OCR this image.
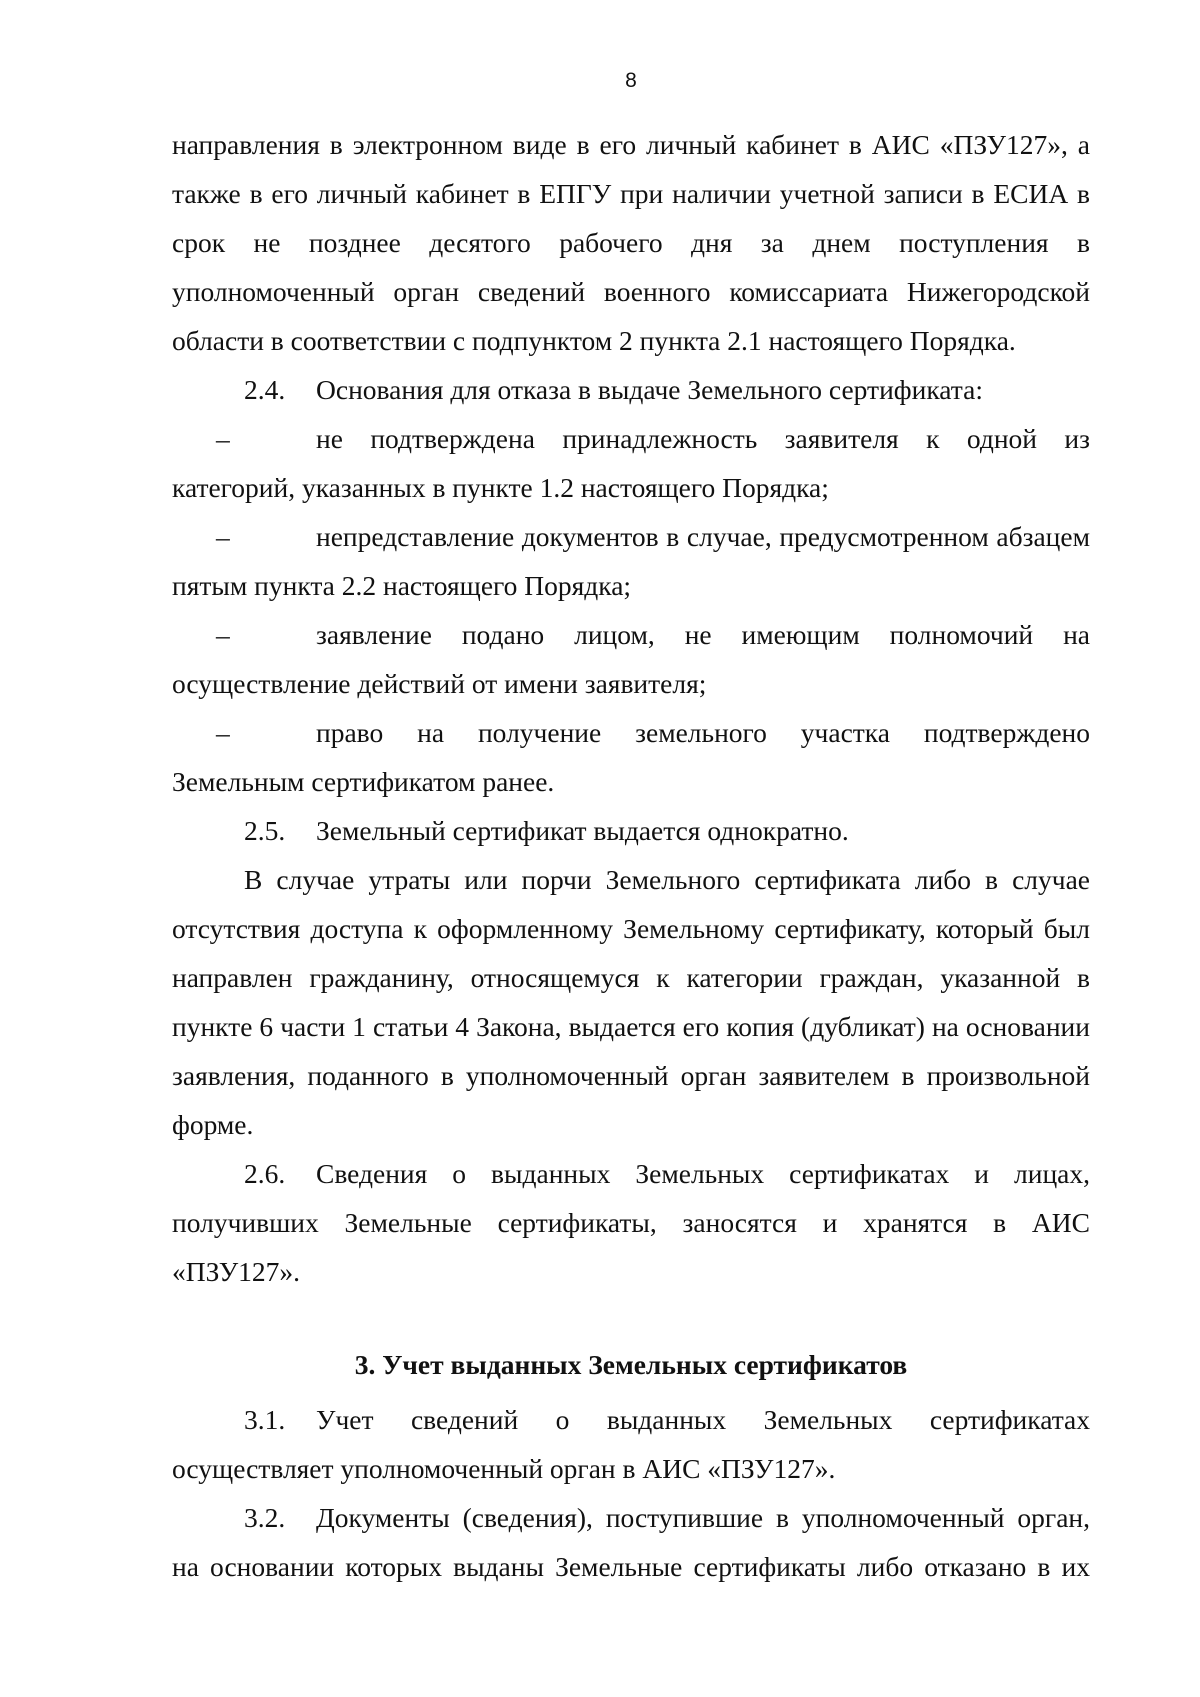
8

направления в электронном виде в его личный кабинет в АИС «ПЗУ127», а также в его личный кабинет в ЕПГУ при наличии учетной записи в ЕСИА в срок не позднее десятого рабочего дня за днем поступления в уполномоченный орган сведений военного комиссариата Нижегородской области в соответствии с подпунктом 2 пункта 2.1 настоящего Порядка.

2.4. Основания для отказа в выдаче Земельного сертификата:

–	не подтверждена принадлежность заявителя к одной из категорий, указанных в пункте 1.2 настоящего Порядка;

–	непредставление документов в случае, предусмотренном абзацем пятым пункта 2.2 настоящего Порядка;

–	заявление подано лицом, не имеющим полномочий на осуществление действий от имени заявителя;

–	право на получение земельного участка подтверждено Земельным сертификатом ранее.

2.5. Земельный сертификат выдается однократно.

В случае утраты или порчи Земельного сертификата либо в случае отсутствия доступа к оформленному Земельному сертификату, который был направлен гражданину, относящемуся к категории граждан, указанной в пункте 6 части 1 статьи 4 Закона, выдается его копия (дубликат) на основании заявления, поданного в уполномоченный орган заявителем в произвольной форме.

2.6. Сведения о выданных Земельных сертификатах и лицах, получивших Земельные сертификаты, заносятся и хранятся в АИС «ПЗУ127».

3. Учет выданных Земельных сертификатов

3.1. Учет сведений о выданных Земельных сертификатах осуществляет уполномоченный орган в АИС «ПЗУ127».

3.2. Документы (сведения), поступившие в уполномоченный орган, на основании которых выданы Земельные сертификаты либо отказано в их
